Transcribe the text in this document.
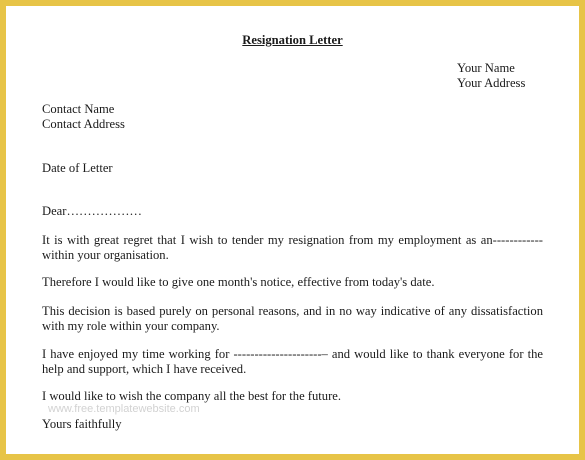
Resignation Letter
Your Name
Your Address
Contact Name
Contact Address

Date of Letter

Dear………………

It is with great regret that I wish to tender my resignation from my employment as an------------ within your organisation.

Therefore I would like to give one month's notice, effective from today's date.

This decision is based purely on personal reasons, and in no way indicative of any dissatisfaction with my role within your company.

I have enjoyed my time working for ---------------------– and would like to thank everyone for the help and support, which I have received.

I would like to wish the company all the best for the future.

www.free.templatewebsite.com

Yours faithfully
